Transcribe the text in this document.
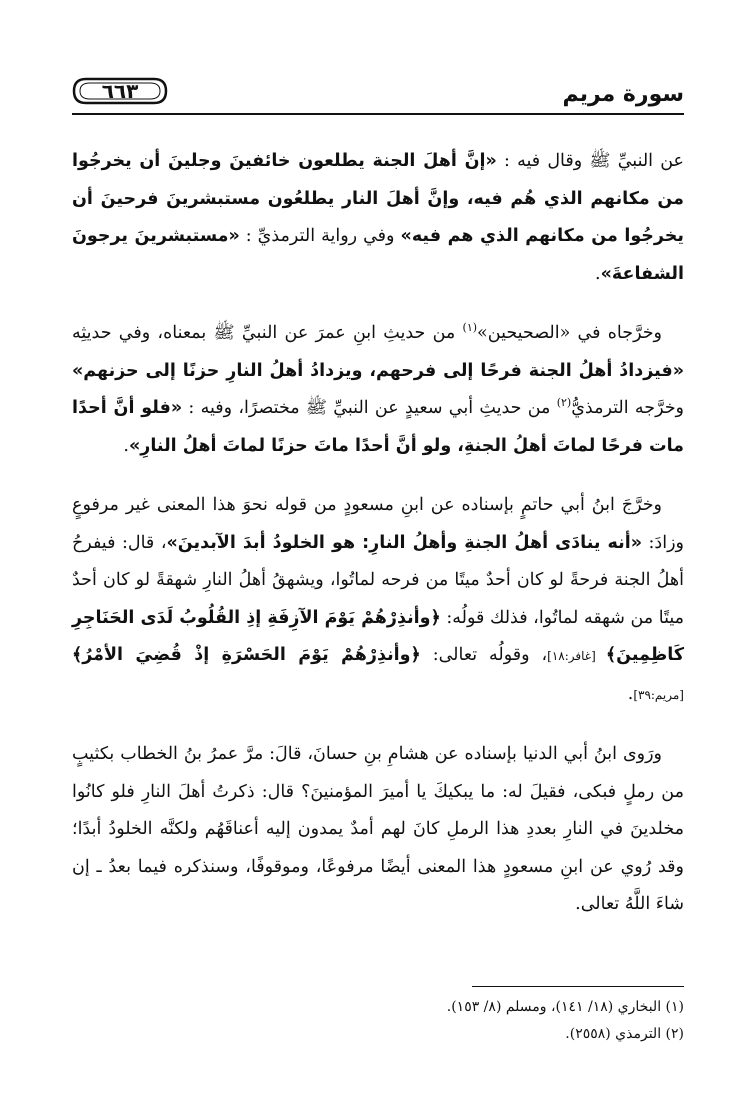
٦٦٣	سورة مريم

عن النبيِّ ﷺ وقال فيه : «إنَّ أهلَ الجنة يطلعون خائفينَ وجلينَ أن يخرجُوا من مكانهم الذي هُم فيه، وإنَّ أهلَ النار يطلعُون مستبشرينَ فرحينَ أن يخرجُوا من مكانهم الذي هم فيه» وفي رواية الترمذيِّ : «مستبشرينَ يرجونَ الشفاعةَ».

وخرَّجاه في «الصحيحين»$^{(١)}$ من حديثِ ابنِ عمرَ عن النبيِّ ﷺ بمعناه، وفي حديثِه «فيزدادُ أهلُ الجنة فرحًا إلى فرحهم، ويزدادُ أهلُ النارِ حزنًا إلى حزنهم» وخرَّجه الترمذيُّ$^{(٢)}$ من حديثِ أبي سعيدٍ عن النبيِّ ﷺ مختصرًا، وفيه : «فلو أنَّ أحدًا مات فرحًا لماتَ أهلُ الجنةِ، ولو أنَّ أحدًا ماتَ حزنًا لماتَ أهلُ النارِ».

وخرَّجَ ابنُ أبي حاتمٍ بإسناده عن ابنِ مسعودٍ من قوله نحوَ هذا المعنى غير مرفوعٍ وزادَ: «أنه ينادَى أهلُ الجنةِ وأهلُ النارِ: هو الخلودُ أبدَ الآبدينَ»، قال: فيفرحُ أهلُ الجنة فرحةً لو كان أحدٌ ميتًا من فرحه لماتُوا، ويشهقُ أهلُ النارِ شهقةً لو كان أحدٌ ميتًا من شهقه لماتُوا، فذلك قولُه: ﴿وأنذِرْهُمْ يَوْمَ الآزِفَةِ إذِ القُلُوبُ لَدَى الحَنَاجِرِ كَاظِمِينَ﴾ [غافر:١٨]، وقولُه تعالى: ﴿وأنذِرْهُمْ يَوْمَ الحَسْرَةِ إذْ قُضِيَ الأمْرُ﴾ [مريم:٣٩].

ورَوى ابنُ أبي الدنيا بإسناده عن هشامِ بنِ حسانَ، قالَ: مرَّ عمرُ بنُ الخطاب بكثيبٍ من رملٍ فبكى، فقيلَ له: ما يبكيكَ يا أميرَ المؤمنينَ؟ قال: ذكرتُ أهلَ النارِ فلو كانُوا مخلدينَ في النارِ بعددِ هذا الرملِ كانَ لهم أمدٌ يمدون إليه أعناقَهُم ولكنَّه الخلودُ أبدًا؛ وقد رُوي عن ابنِ مسعودٍ هذا المعنى أيضًا مرفوعًا، وموقوفًا، وسنذكره فيما بعدُ ـ إن شاءَ اللَّهُ تعالى.

(١) البخاري (١٨/ ١٤١)، ومسلم (٨/ ١٥٣).
(٢) الترمذي (٢٥٥٨).
